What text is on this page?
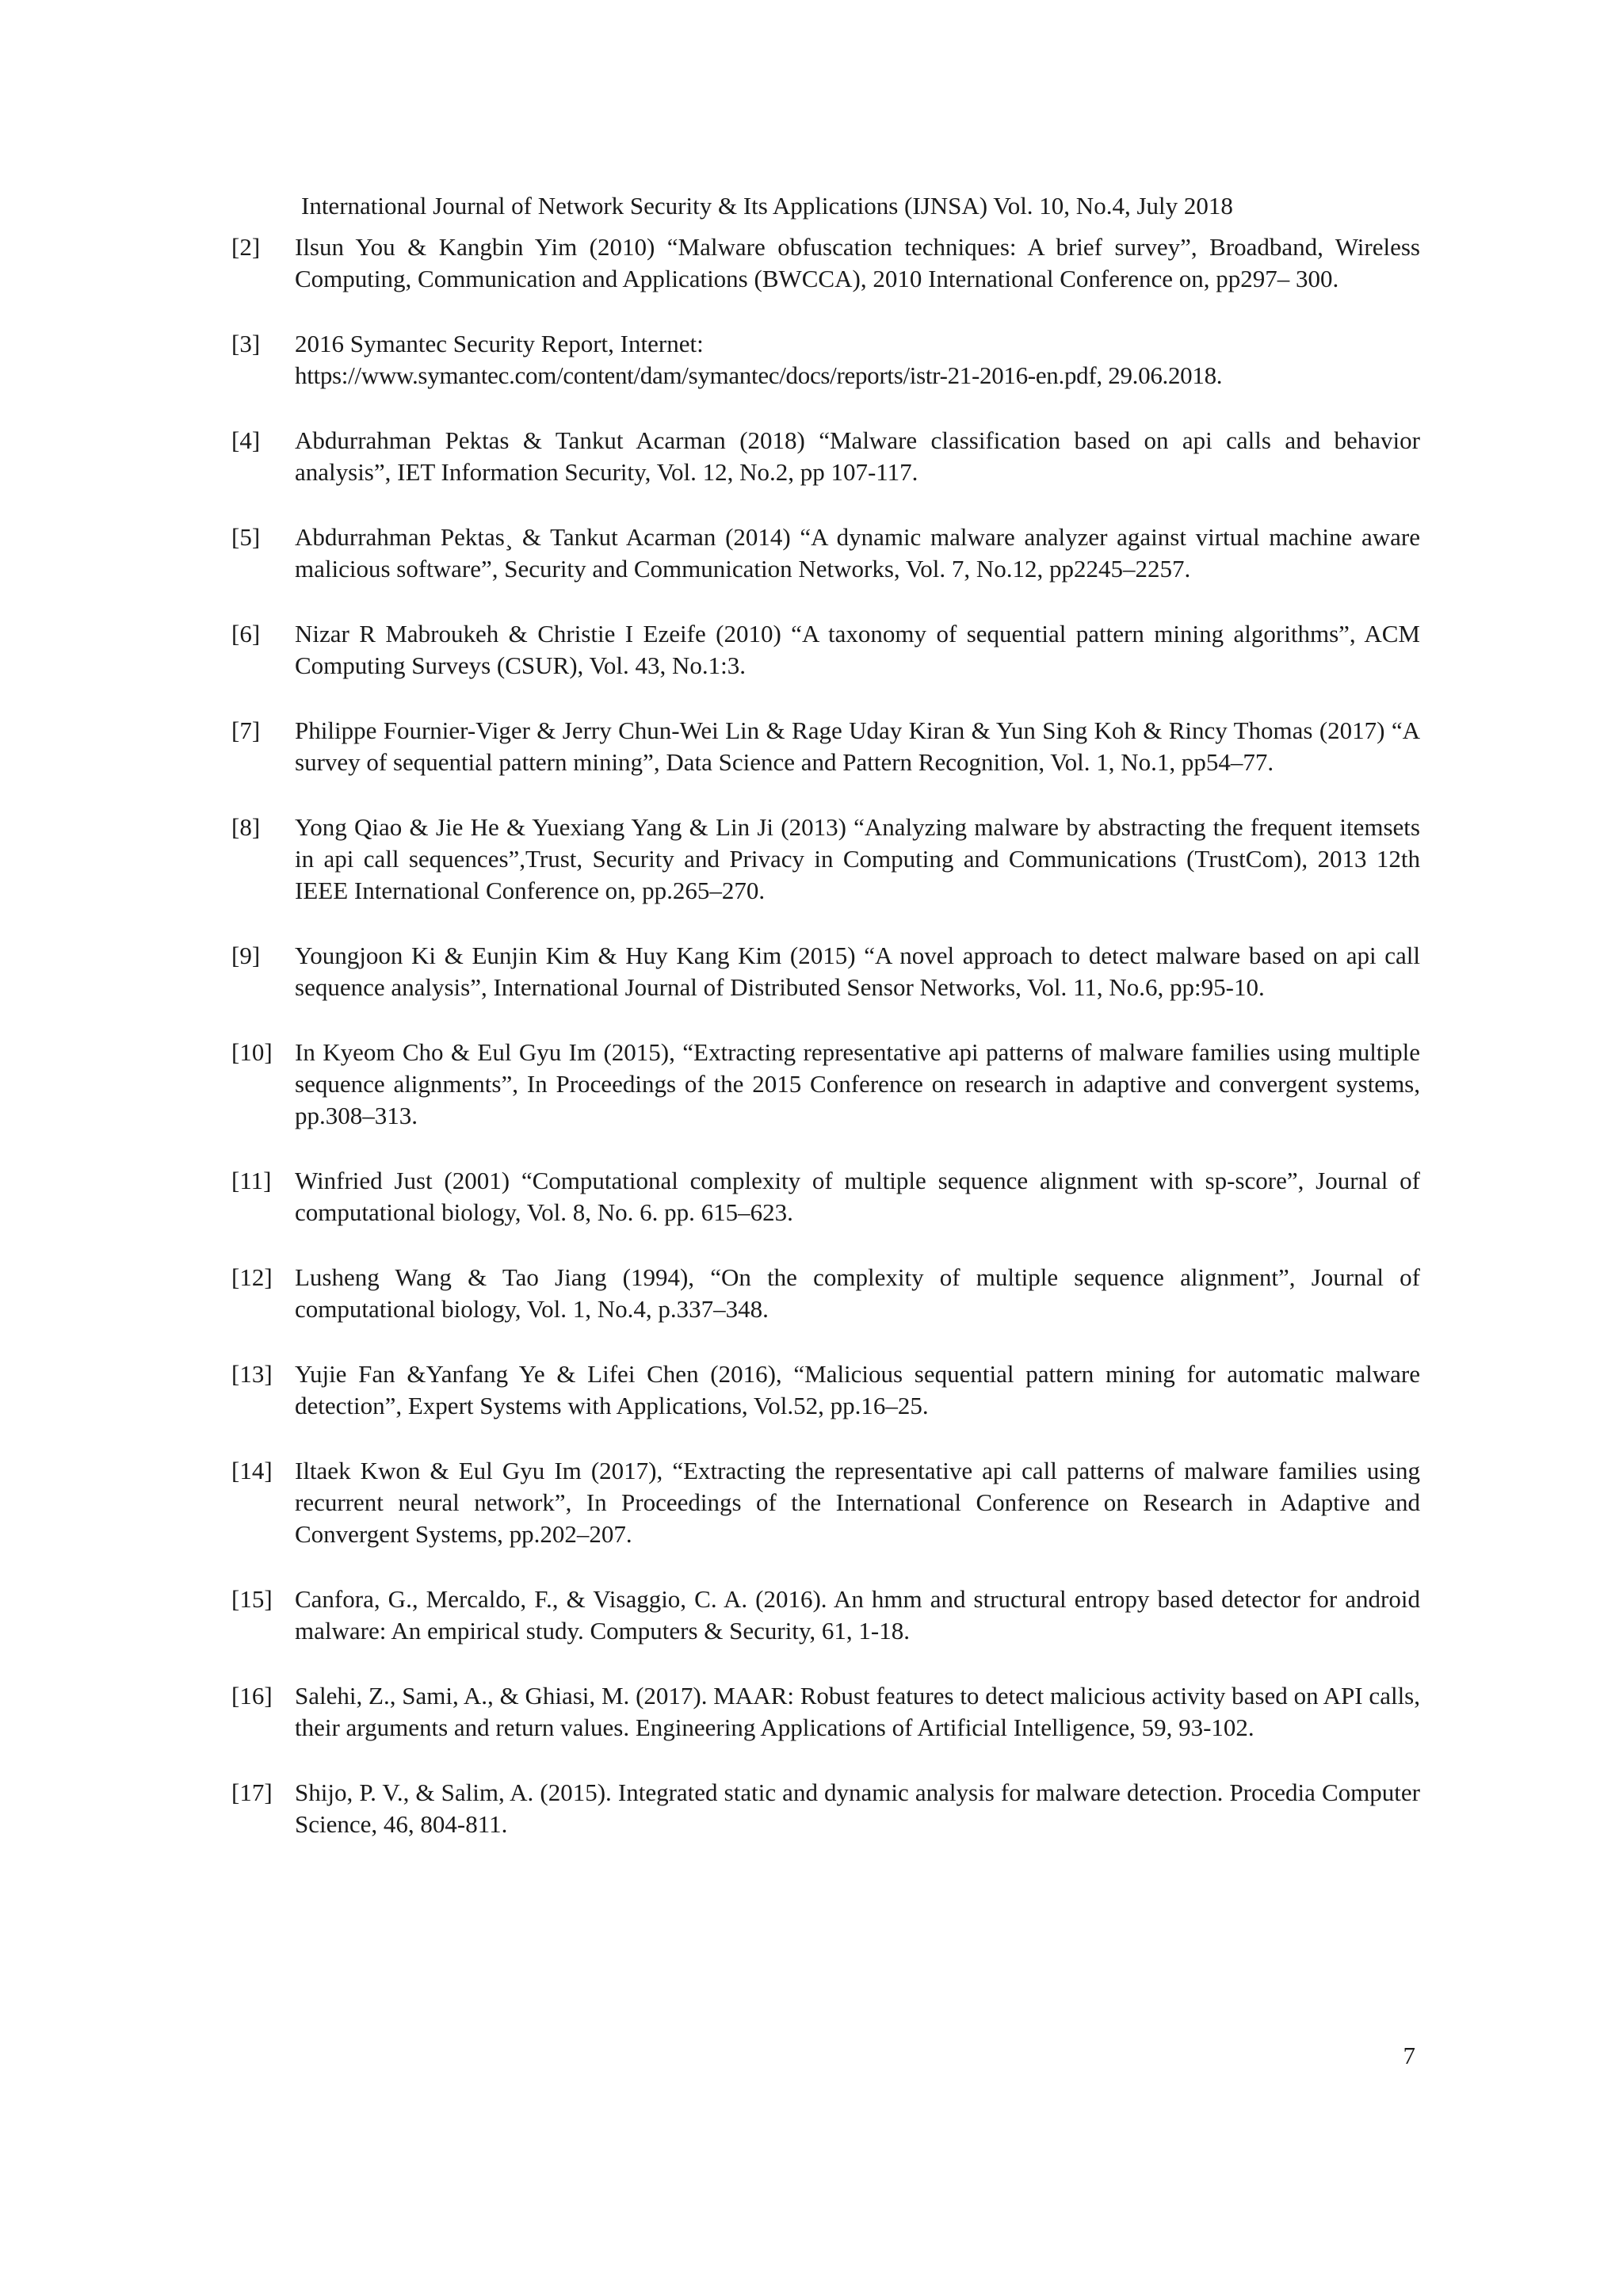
International Journal of Network Security & Its Applications (IJNSA) Vol. 10, No.4, July 2018
[2]	Ilsun You & Kangbin Yim (2010) “Malware obfuscation techniques: A brief survey”, Broadband, Wireless Computing, Communication and Applications (BWCCA), 2010 International Conference on, pp297– 300.
[3]	2016 Symantec Security Report, Internet:
https://www.symantec.com/content/dam/symantec/docs/reports/istr-21-2016-en.pdf, 29.06.2018.
[4]	Abdurrahman Pektas & Tankut Acarman (2018) “Malware classification based on api calls and behavior analysis”, IET Information Security, Vol. 12, No.2, pp 107-117.
[5]	Abdurrahman Pektas¸ & Tankut Acarman (2014) “A dynamic malware analyzer against virtual machine aware malicious software”, Security and Communication Networks, Vol. 7, No.12, pp2245–2257.
[6]	Nizar R Mabroukeh & Christie I Ezeife (2010) “A taxonomy of sequential pattern mining algorithms”, ACM Computing Surveys (CSUR), Vol. 43, No.1:3.
[7]	Philippe Fournier-Viger & Jerry Chun-Wei Lin & Rage Uday Kiran & Yun Sing Koh & Rincy Thomas (2017) “A survey of sequential pattern mining”, Data Science and Pattern Recognition, Vol. 1, No.1, pp54–77.
[8]	Yong Qiao & Jie He & Yuexiang Yang & Lin Ji (2013) “Analyzing malware by abstracting the frequent itemsets in api call sequences”,Trust, Security and Privacy in Computing and Communications (TrustCom), 2013 12th IEEE International Conference on, pp.265–270.
[9]	Youngjoon Ki & Eunjin Kim & Huy Kang Kim (2015) “A novel approach to detect malware based on api call sequence analysis”, International Journal of Distributed Sensor Networks, Vol. 11, No.6, pp:95-10.
[10] In Kyeom Cho & Eul Gyu Im (2015), “Extracting representative api patterns of malware families using multiple sequence alignments”, In Proceedings of the 2015 Conference on research in adaptive and convergent systems, pp.308–313.
[11] Winfried Just (2001) “Computational complexity of multiple sequence alignment with sp-score”, Journal of computational biology, Vol. 8, No. 6. pp. 615–623.
[12] Lusheng Wang & Tao Jiang (1994), “On the complexity of multiple sequence alignment”, Journal of computational biology, Vol. 1, No.4, p.337–348.
[13] Yujie Fan &Yanfang Ye & Lifei Chen (2016), “Malicious sequential pattern mining for automatic malware detection”, Expert Systems with Applications, Vol.52, pp.16–25.
[14] Iltaek Kwon & Eul Gyu Im (2017), “Extracting the representative api call patterns of malware families using recurrent neural network”, In Proceedings of the International Conference on Research in Adaptive and Convergent Systems, pp.202–207.
[15] Canfora, G., Mercaldo, F., & Visaggio, C. A. (2016). An hmm and structural entropy based detector for android malware: An empirical study. Computers & Security, 61, 1-18.
[16] Salehi, Z., Sami, A., & Ghiasi, M. (2017). MAAR: Robust features to detect malicious activity based on API calls, their arguments and return values. Engineering Applications of Artificial Intelligence, 59, 93-102.
[17] Shijo, P. V., & Salim, A. (2015). Integrated static and dynamic analysis for malware detection. Procedia Computer Science, 46, 804-811.
7
